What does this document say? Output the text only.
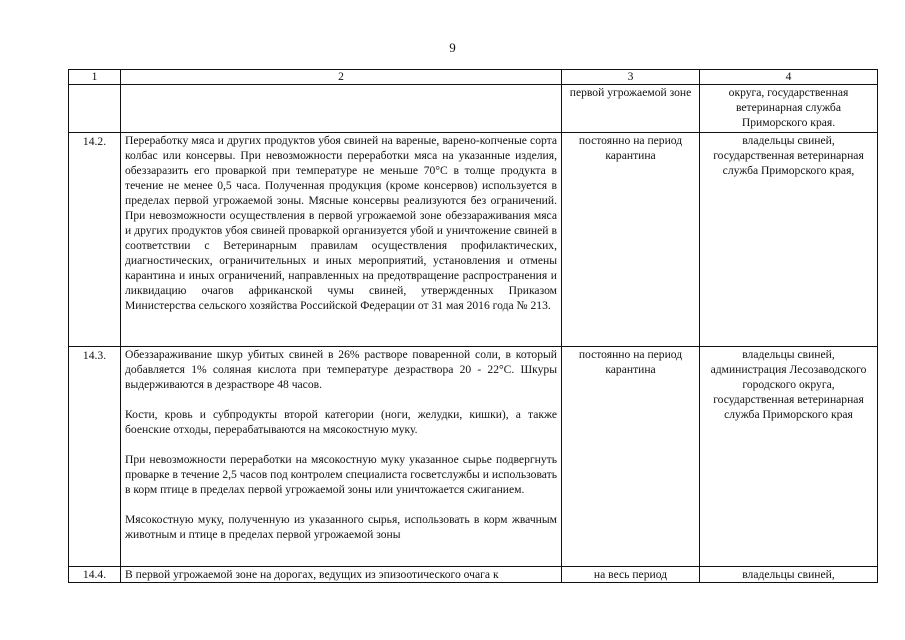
9
1	2	3	4
		первой угрожаемой зоне	округа, государственная ветеринарная служба Приморского края.

14.2.	Переработку мяса и других продуктов убоя свиней на вареные, варено-копченые сорта колбас или консервы. При невозможности переработки мяса на указанные изделия, обеззаразить его проваркой при температуре не меньше 70°С в толще продукта в течение не менее 0,5 часа. Полученная продукция (кроме консервов) используется в пределах первой угрожаемой зоны. Мясные консервы реализуются без ограничений. При невозможности осуществления в первой угрожаемой зоне обеззараживания мяса и других продуктов убоя свиней проваркой организуется убой и уничтожение свиней в соответствии с Ветеринарным правилам осуществления профилактических, диагностических, ограничительных и иных мероприятий, установления и отмены карантина и иных ограничений, направленных на предотвращение распространения и ликвидацию очагов африканской чумы свиней, утвержденных Приказом Министерства сельского хозяйства Российской Федерации от 31 мая 2016 года № 213.	постоянно на период карантина	владельцы свиней, государственная ветеринарная служба Приморского края,

14.3.	Обеззараживание шкур убитых свиней в 26% растворе поваренной соли, в который добавляется 1% соляная кислота при температуре дезраствора 20 - 22°С. Шкуры выдерживаются в дезрастворе 48 часов.

Кости, кровь и субпродукты второй категории (ноги, желудки, кишки), а также боенские отходы, перерабатываются на мясокостную муку.

При невозможности переработки на мясокостную муку указанное сырье подвергнуть проварке в течение 2,5 часов под контролем специалиста госветслужбы и использовать в корм птице в пределах первой угрожаемой зоны или уничтожается сжиганием.

Мясокостную муку, полученную из указанного сырья, использовать в корм жвачным животным и птице в пределах первой угрожаемой зоны	постоянно на период карантина	владельцы свиней, администрация Лесозаводского городского округа, государственная ветеринарная служба Приморского края
14.4.	В первой угрожаемой зоне на дорогах, ведущих из эпизоотического очага к	на весь период	владельцы свиней,
